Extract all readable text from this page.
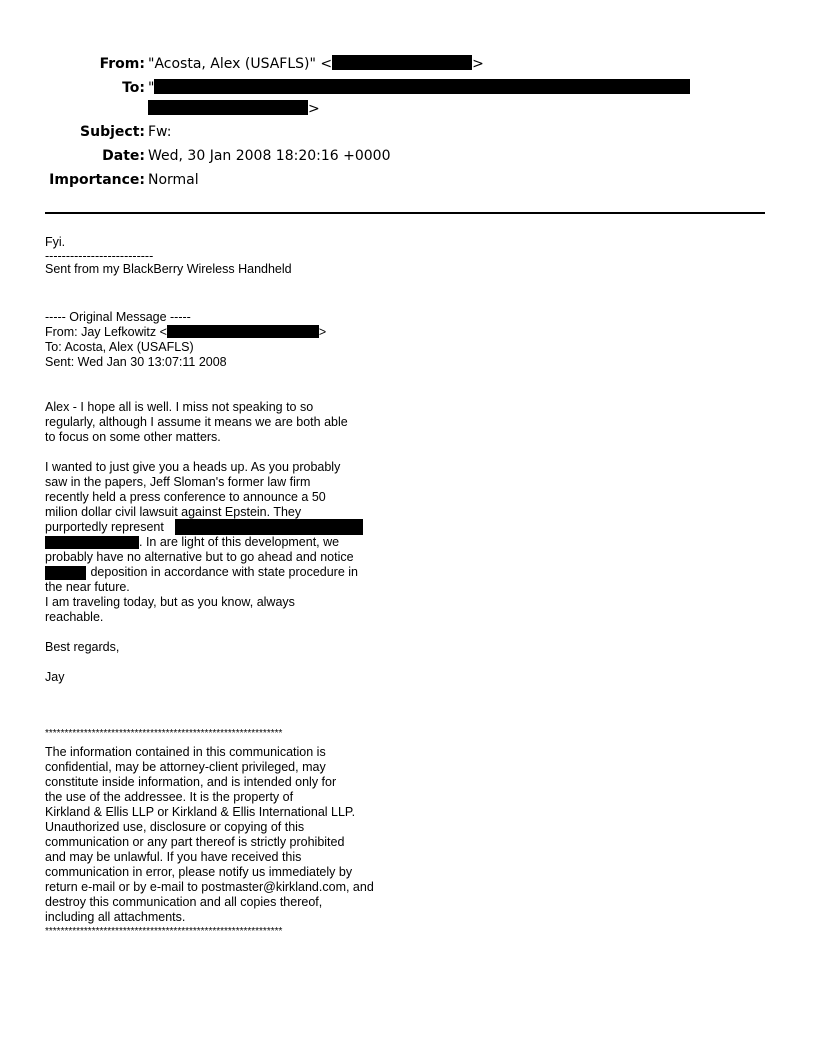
From: "Acosta, Alex (USAFLS)" <	>
To: "
>
Subject: Fw:
Date: Wed, 30 Jan 2008 18:20:16 +0000
Importance: Normal
Fyi.
--------------------------
Sent from my BlackBerry Wireless Handheld
----- Original Message -----
From: Jay Lefkowitz <	>
To: Acosta, Alex (USAFLS)
Sent: Wed Jan 30 13:07:11 2008
Alex - I hope all is well. I miss not speaking to so
regularly, although I assume it means we are both able
to focus on some other matters.
I wanted to just give you a heads up. As you probably
saw in the papers, Jeff Sloman's former law firm
recently held a press conference to announce a 50
milion dollar civil lawsuit against Epstein. They
purportedly represent
. In are light of this development, we
probably have no alternative but to go ahead and notice
deposition in accordance with state procedure in
the near future.
I am traveling today, but as you know, always
reachable.
Best regards,
Jay
*************************************************************
The information contained in this communication is
confidential, may be attorney-client privileged, may
constitute inside information, and is intended only for
the use of the addressee. It is the property of
Kirkland & Ellis LLP or Kirkland & Ellis International LLP.
Unauthorized use, disclosure or copying of this
communication or any part thereof is strictly prohibited
and may be unlawful. If you have received this
communication in error, please notify us immediately by
return e-mail or by e-mail to postmaster@kirkland.com, and
destroy this communication and all copies thereof,
including all attachments.
*************************************************************
